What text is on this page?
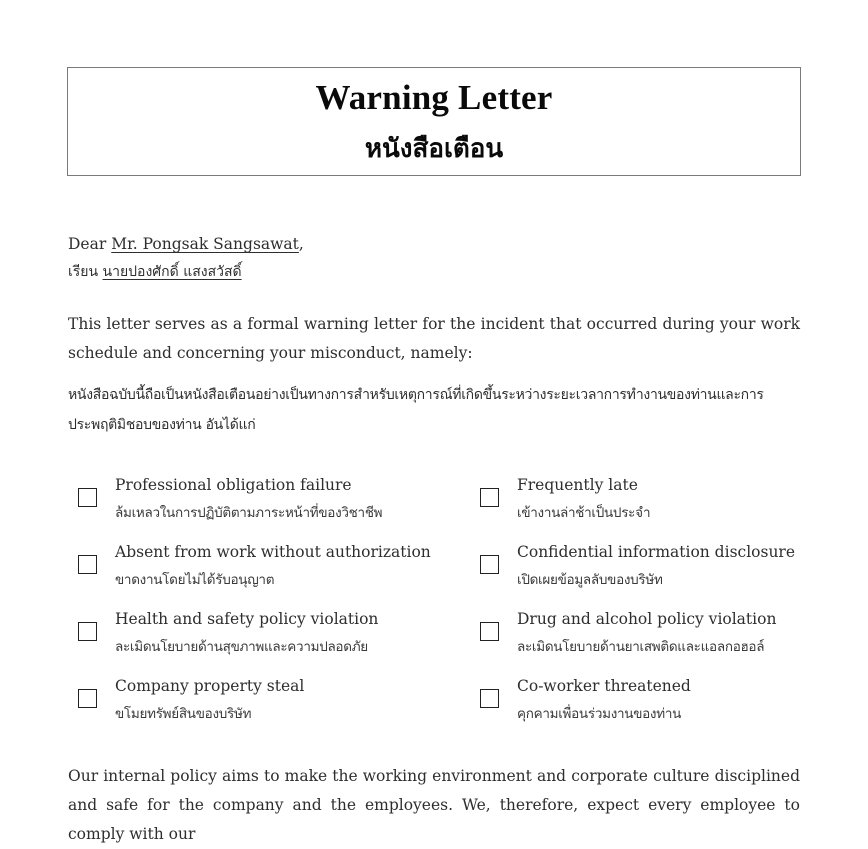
Warning Letter
หนังสือเตือน
Dear Mr. Pongsak Sangsawat,
เรียน นายปองศักดิ์ แสงสวัสดิ์
This letter serves as a formal warning letter for the incident that occurred during your work schedule and concerning your misconduct, namely:
หนังสือฉบับนี้ถือเป็นหนังสือเตือนอย่างเป็นทางการสำหรับเหตุการณ์ที่เกิดขึ้นระหว่างระยะเวลาการทำงานของท่านและการประพฤติมิชอบของท่าน อันได้แก่
Professional obligation failure
ล้มเหลวในการปฏิบัติตามภาระหน้าที่ของวิชาชีพ
Frequently late
เข้างานล่าช้าเป็นประจำ
Absent from work without authorization
ขาดงานโดยไม่ได้รับอนุญาต
Confidential information disclosure
เปิดเผยข้อมูลลับของบริษัท
Health and safety policy violation
ละเมิดนโยบายด้านสุขภาพและความปลอดภัย
Drug and alcohol policy violation
ละเมิดนโยบายด้านยาเสพติดและแอลกอฮอล์
Company property steal
ขโมยทรัพย์สินของบริษัท
Co-worker threatened
คุกคามเพื่อนร่วมงานของท่าน
Our internal policy aims to make the working environment and corporate culture disciplined and safe for the company and the employees. We, therefore, expect every employee to comply with our
